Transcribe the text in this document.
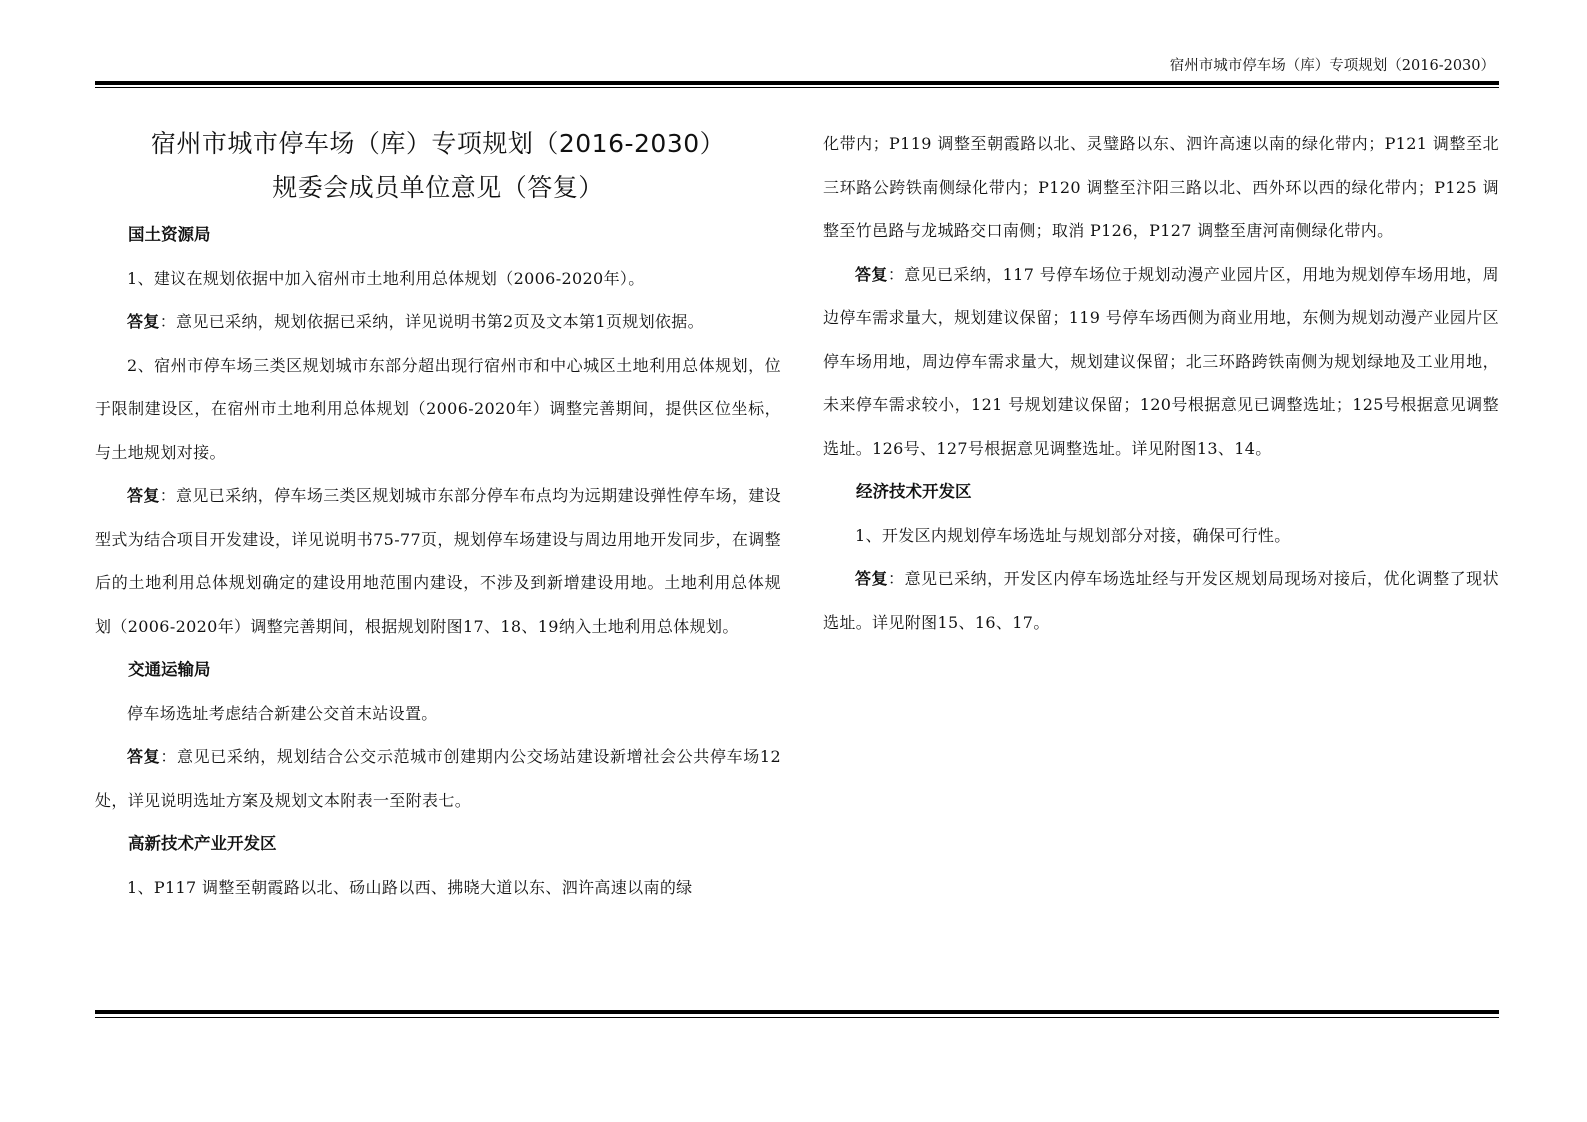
宿州市城市停车场（库）专项规划（2016-2030）
宿州市城市停车场（库）专项规划（2016-2030）
规委会成员单位意见（答复）

国土资源局

1、建议在规划依据中加入宿州市土地利用总体规划（2006-2020年）。

答复：意见已采纳，规划依据已采纳，详见说明书第2页及文本第1页规划依据。

2、宿州市停车场三类区规划城市东部分超出现行宿州市和中心城区土地利用总体规划，位于限制建设区，在宿州市土地利用总体规划（2006-2020年）调整完善期间，提供区位坐标，与土地规划对接。

答复：意见已采纳，停车场三类区规划城市东部分停车布点均为远期建设弹性停车场，建设型式为结合项目开发建设，详见说明书75-77页，规划停车场建设与周边用地开发同步，在调整后的土地利用总体规划确定的建设用地范围内建设，不涉及到新增建设用地。土地利用总体规划（2006-2020年）调整完善期间，根据规划附图17、18、19纳入土地利用总体规划。

交通运输局

停车场选址考虑结合新建公交首末站设置。

答复：意见已采纳，规划结合公交示范城市创建期内公交场站建设新增社会公共停车场12处，详见说明选址方案及规划文本附表一至附表七。

高新技术产业开发区

1、P117 调整至朝霞路以北、砀山路以西、拂晓大道以东、泗许高速以南的绿

化带内；P119 调整至朝霞路以北、灵璧路以东、泗许高速以南的绿化带内；P121 调整至北三环路公跨铁南侧绿化带内；P120 调整至汴阳三路以北、西外环以西的绿化带内；P125 调整至竹邑路与龙城路交口南侧；取消 P126，P127 调整至唐河南侧绿化带内。

答复：意见已采纳，117 号停车场位于规划动漫产业园片区，用地为规划停车场用地，周边停车需求量大，规划建议保留；119 号停车场西侧为商业用地，东侧为规划动漫产业园片区停车场用地，周边停车需求量大，规划建议保留；北三环路跨铁南侧为规划绿地及工业用地，未来停车需求较小，121 号规划建议保留；120号根据意见已调整选址；125号根据意见调整选址。126号、127号根据意见调整选址。详见附图13、14。

经济技术开发区

1、开发区内规划停车场选址与规划部分对接，确保可行性。

答复：意见已采纳，开发区内停车场选址经与开发区规划局现场对接后，优化调整了现状选址。详见附图15、16、17。
